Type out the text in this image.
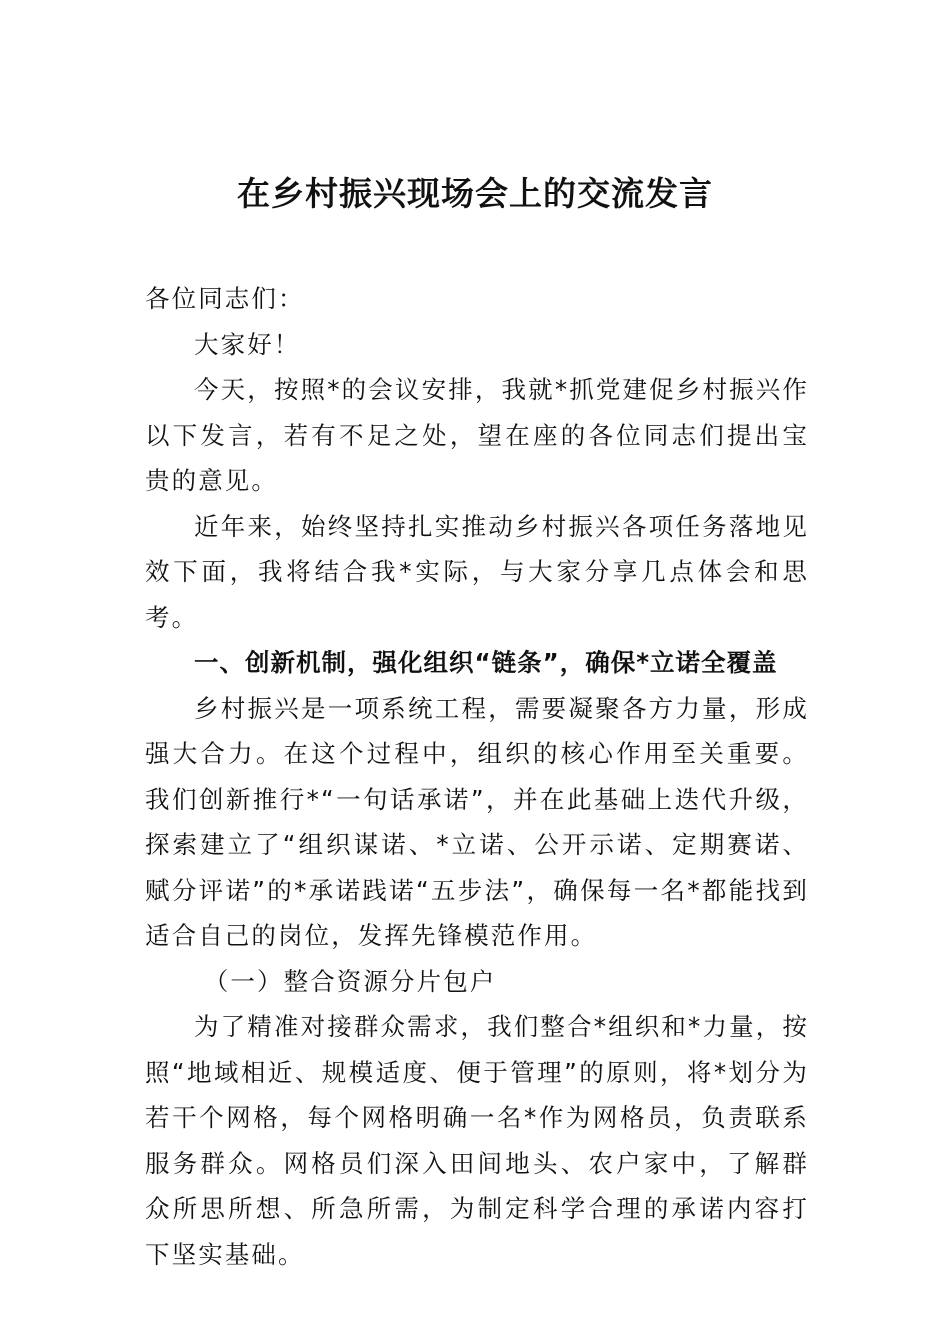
在乡村振兴现场会上的交流发言

各位同志们：

大家好！

今天，按照*的会议安排，我就*抓党建促乡村振兴作以下发言，若有不足之处，望在座的各位同志们提出宝贵的意见。

近年来，始终坚持扎实推动乡村振兴各项任务落地见效下面，我将结合我*实际，与大家分享几点体会和思考。

一、创新机制，强化组织“链条”，确保*立诺全覆盖

乡村振兴是一项系统工程，需要凝聚各方力量，形成强大合力。在这个过程中，组织的核心作用至关重要。我们创新推行*“一句话承诺”，并在此基础上迭代升级，探索建立了“组织谋诺、*立诺、公开示诺、定期赛诺、赋分评诺”的*承诺践诺“五步法”，确保每一名*都能找到适合自己的岗位，发挥先锋模范作用。

（一）整合资源分片包户

为了精准对接群众需求，我们整合*组织和*力量，按照“地域相近、规模适度、便于管理”的原则，将*划分为若干个网格，每个网格明确一名*作为网格员，负责联系服务群众。网格员们深入田间地头、农户家中，了解群众所思所想、所急所需，为制定科学合理的承诺内容打下坚实基础。
